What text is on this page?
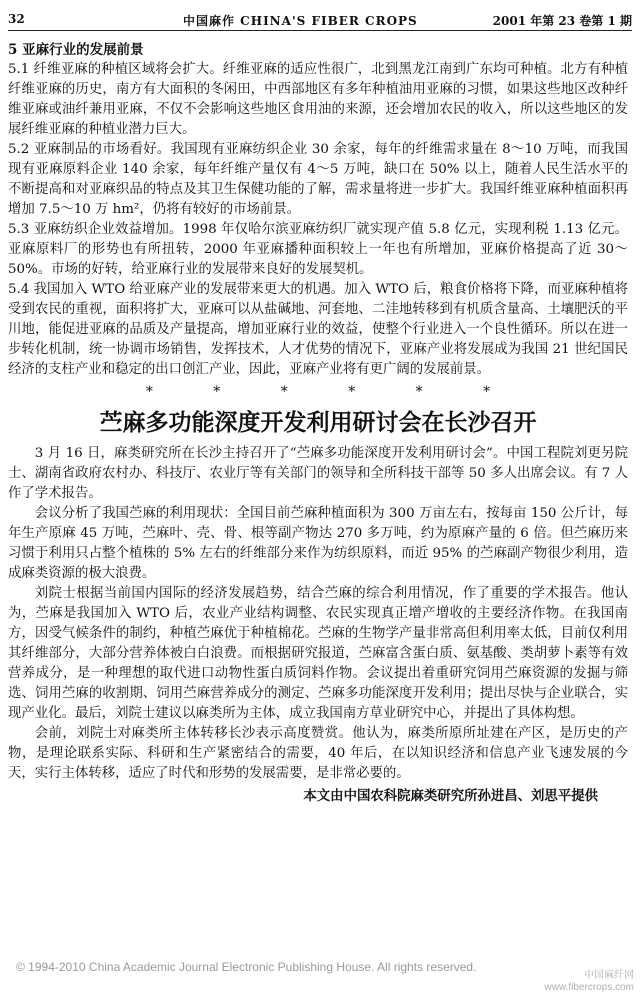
32	中国麻作 CHINA'S FIBER CROPS	2001 年第 23 卷第 1 期
5 亚麻行业的发展前景

5.1 纤维亚麻的种植区域将会扩大。纤维亚麻的适应性很广，北到黑龙江南到广东均可种植。北方有种植纤维亚麻的历史，南方有大面积的冬闲田，中西部地区有多年种植油用亚麻的习惯，如果这些地区改种纤维亚麻或油纤兼用亚麻，不仅不会影响这些地区食用油的来源，还会增加农民的收入，所以这些地区的发展纤维亚麻的种植业潜力巨大。

5.2 亚麻制品的市场看好。我国现有亚麻纺织企业 30 余家，每年的纤维需求量在 8～10 万吨，而我国现有亚麻原料企业 140 余家，每年纤维产量仅有 4～5 万吨，缺口在 50% 以上，随着人民生活水平的不断提高和对亚麻织品的特点及其卫生保健功能的了解，需求量将进一步扩大。我国纤维亚麻种植面积再增加 7.5～10 万 hm²，仍将有较好的市场前景。

5.3 亚麻纺织企业效益增加。1998 年仅哈尔滨亚麻纺织厂就实现产值 5.8 亿元，实现利税 1.13 亿元。亚麻原料厂的形势也有所扭转，2000 年亚麻播种面积较上一年也有所增加，亚麻价格提高了近 30～50%。市场的好转，给亚麻行业的发展带来良好的发展契机。

5.4 我国加入 WTO 给亚麻产业的发展带来更大的机遇。加入 WTO 后，粮食价格将下降，而亚麻种植将受到农民的重视，面积将扩大，亚麻可以从盐碱地、河套地、二洼地转移到有机质含量高、土壤肥沃的平川地，能促进亚麻的品质及产量提高，增加亚麻行业的效益，使整个行业进入一个良性循环。所以在进一步转化机制，统一协调市场销售，发挥技术，人才优势的情况下，亚麻产业将发展成为我国 21 世纪国民经济的支柱产业和稳定的出口创汇产业，因此，亚麻产业将有更广阔的发展前景。

* * * * * *
苎麻多功能深度开发利用研讨会在长沙召开

3 月 16 日，麻类研究所在长沙主持召开了“苎麻多功能深度开发利用研讨会”。中国工程院刘更另院士、湖南省政府农村办、科技厅、农业厅等有关部门的领导和全所科技干部等 50 多人出席会议。有 7 人作了学术报告。

会议分析了我国苎麻的利用现状：全国目前苎麻种植面积为 300 万亩左右，按每亩 150 公斤计，每年生产原麻 45 万吨，苎麻叶、壳、骨、根等副产物达 270 多万吨，约为原麻产量的 6 倍。但苎麻历来习惯于利用只占整个植株的 5% 左右的纤维部分来作为纺织原料，而近 95% 的苎麻副产物很少利用，造成麻类资源的极大浪费。

刘院士根据当前国内国际的经济发展趋势，结合苎麻的综合利用情况，作了重要的学术报告。他认为，苎麻是我国加入 WTO 后，农业产业结构调整、农民实现真正增产增收的主要经济作物。在我国南方，因受气候条件的制约，种植苎麻优于种植棉花。苎麻的生物学产量非常高但利用率太低，目前仅利用其纤维部分，大部分营养体被白白浪费。而根据研究报道，苎麻富含蛋白质、氨基酸、类胡萝卜素等有效营养成分，是一种理想的取代进口动物性蛋白质饲料作物。会议提出着重研究饲用苎麻资源的发掘与筛选、饲用苎麻的收割期、饲用苎麻营养成分的测定、苎麻多功能深度开发利用；提出尽快与企业联合，实现产业化。最后，刘院士建议以麻类所为主体，成立我国南方草业研究中心，并提出了具体构想。

会前，刘院士对麻类所主体转移长沙表示高度赞赏。他认为，麻类所原所址建在产区，是历史的产物，是理论联系实际、科研和生产紧密结合的需要，40 年后，在以知识经济和信息产业飞速发展的今天，实行主体转移，适应了时代和形势的发展需要，是非常必要的。

本文由中国农科院麻类研究所孙进昌、刘思平提供
© 1994-2010 China Academic Journal Electronic Publishing House. All rights reserved.
中国麻纤网
www.fibercrops.com
